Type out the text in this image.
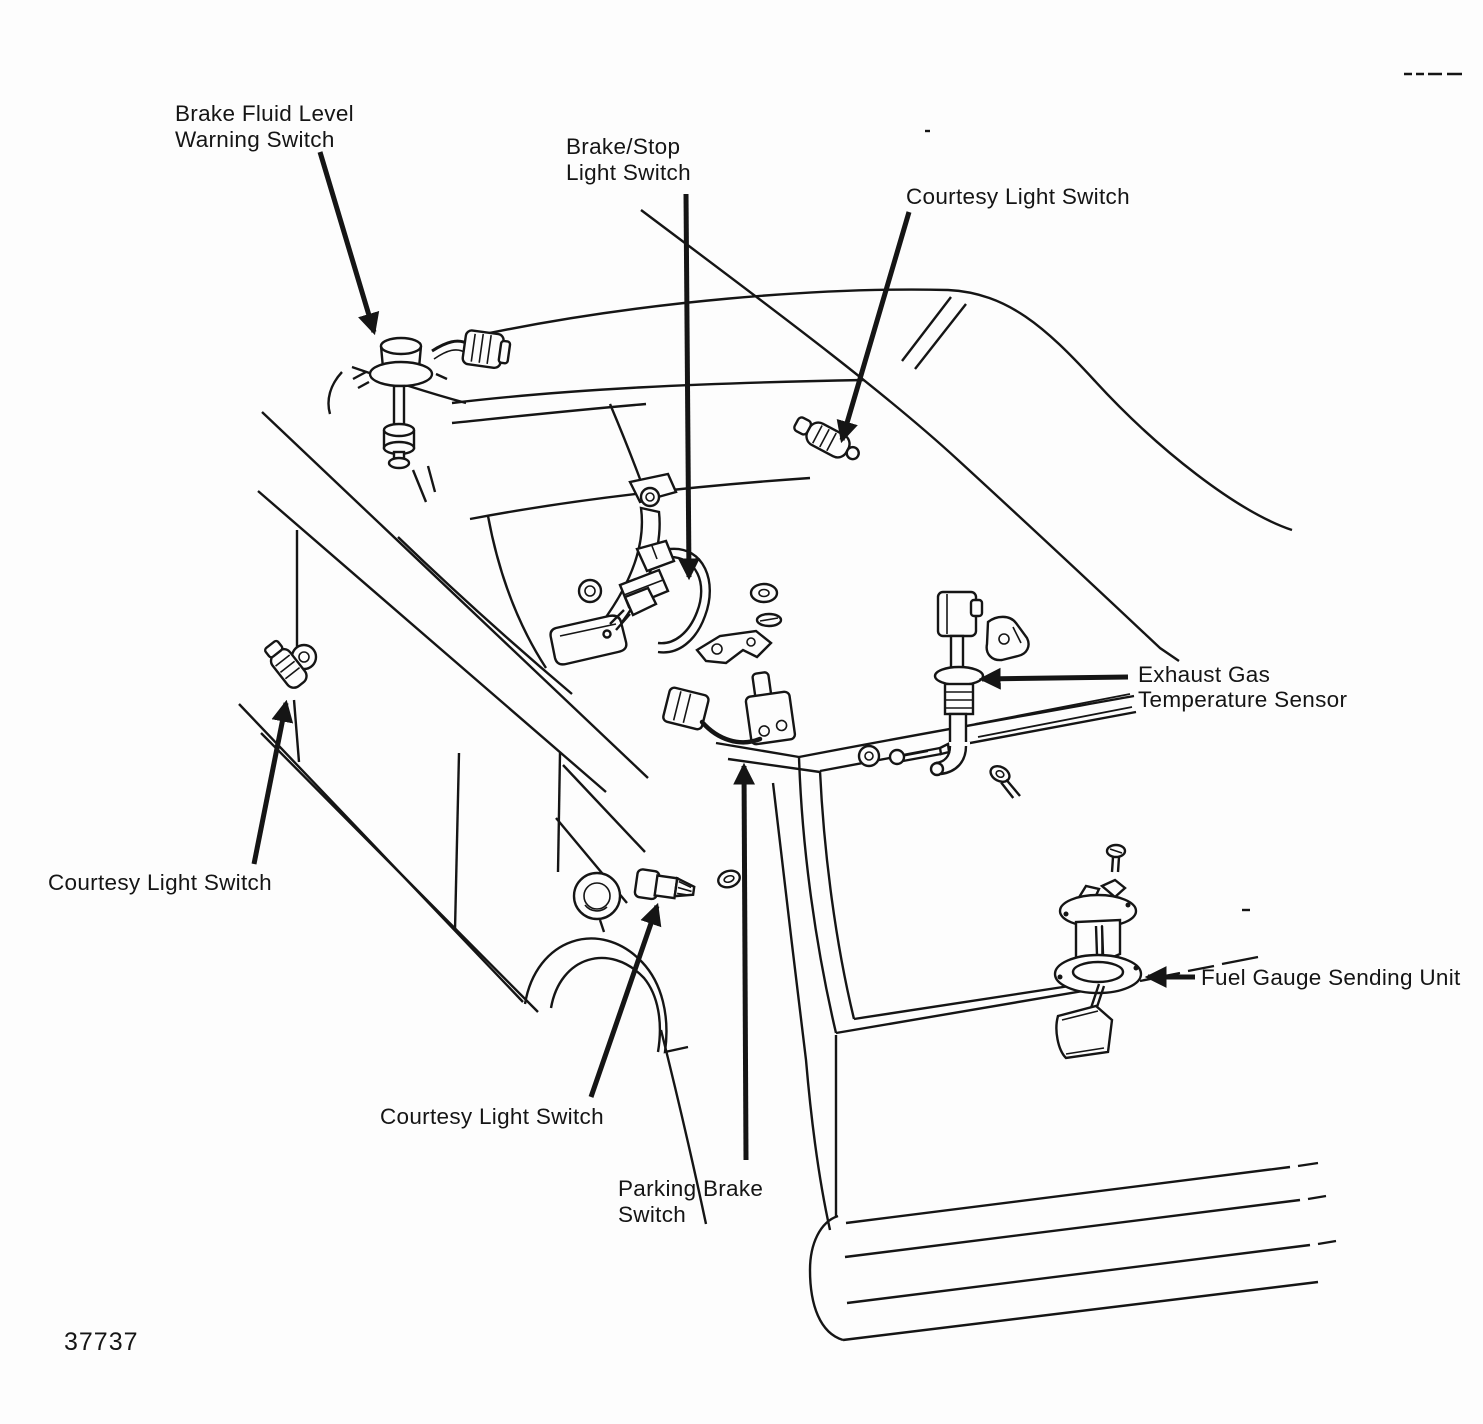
Brake Fluid Level
Warning Switch	Brake/Stop
Light Switch
Courtesy Light Switch
Exhaust Gas
Temperature Sensor
Courtesy Light Switch
Courtesy Light Switch
Parking Brake
Switch
Fuel Gauge Sending Unit
37737
